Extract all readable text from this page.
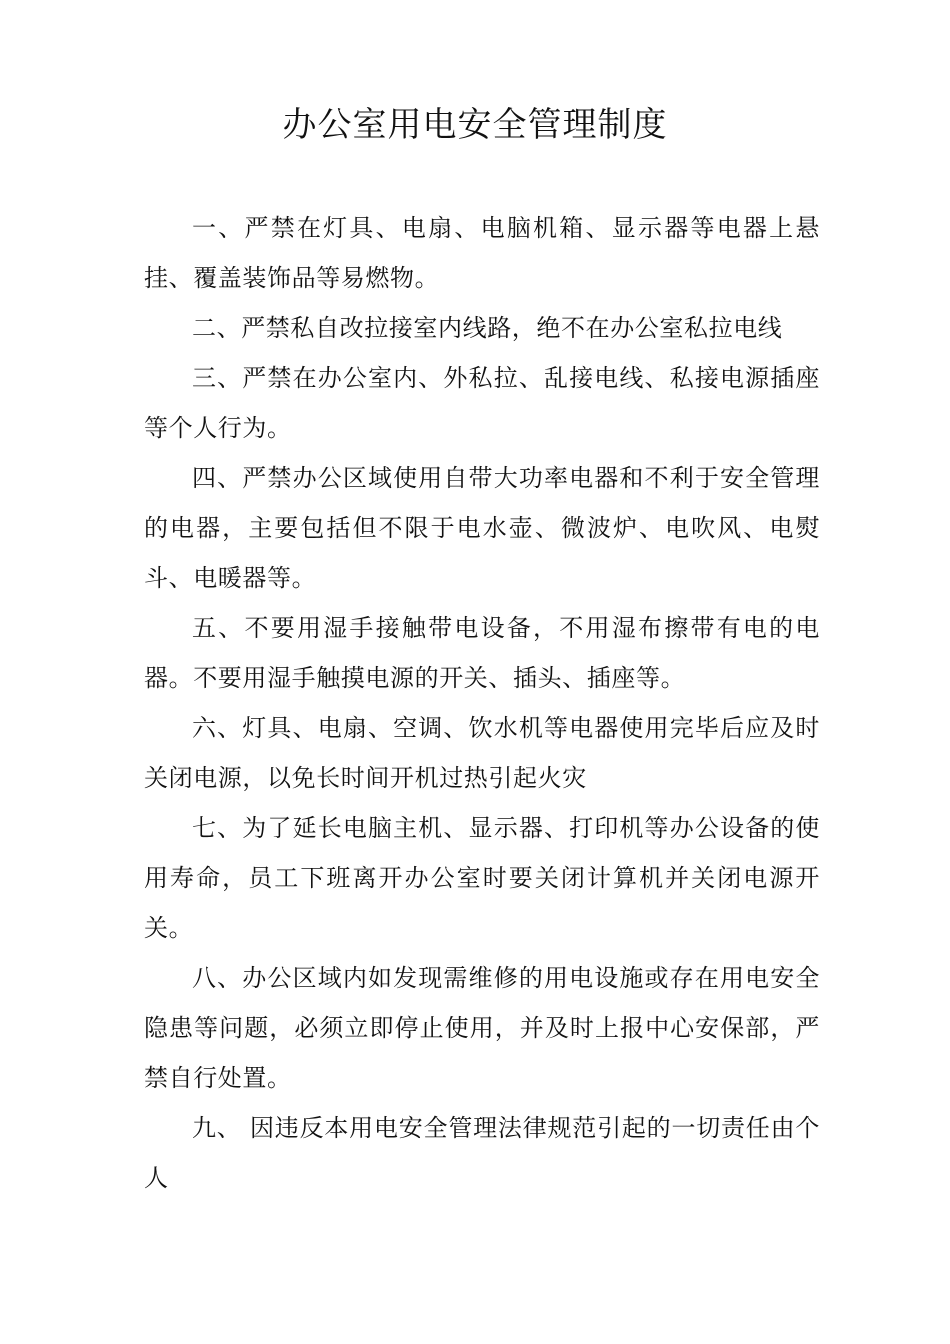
办公室用电安全管理制度

一、严禁在灯具、电扇、电脑机箱、显示器等电器上悬挂、覆盖装饰品等易燃物。

二、严禁私自改拉接室内线路，绝不在办公室私拉电线

三、严禁在办公室内、外私拉、乱接电线、私接电源插座等个人行为。

四、严禁办公区域使用自带大功率电器和不利于安全管理的电器，主要包括但不限于电水壶、微波炉、电吹风、电熨斗、电暖器等。

五、不要用湿手接触带电设备，不用湿布擦带有电的电器。不要用湿手触摸电源的开关、插头、插座等。

六、灯具、电扇、空调、饮水机等电器使用完毕后应及时关闭电源，以免长时间开机过热引起火灾

七、为了延长电脑主机、显示器、打印机等办公设备的使用寿命，员工下班离开办公室时要关闭计算机并关闭电源开关。

八、办公区域内如发现需维修的用电设施或存在用电安全隐患等问题，必须立即停止使用，并及时上报中心安保部，严禁自行处置。

九、 因违反本用电安全管理法律规范引起的一切责任由个人
